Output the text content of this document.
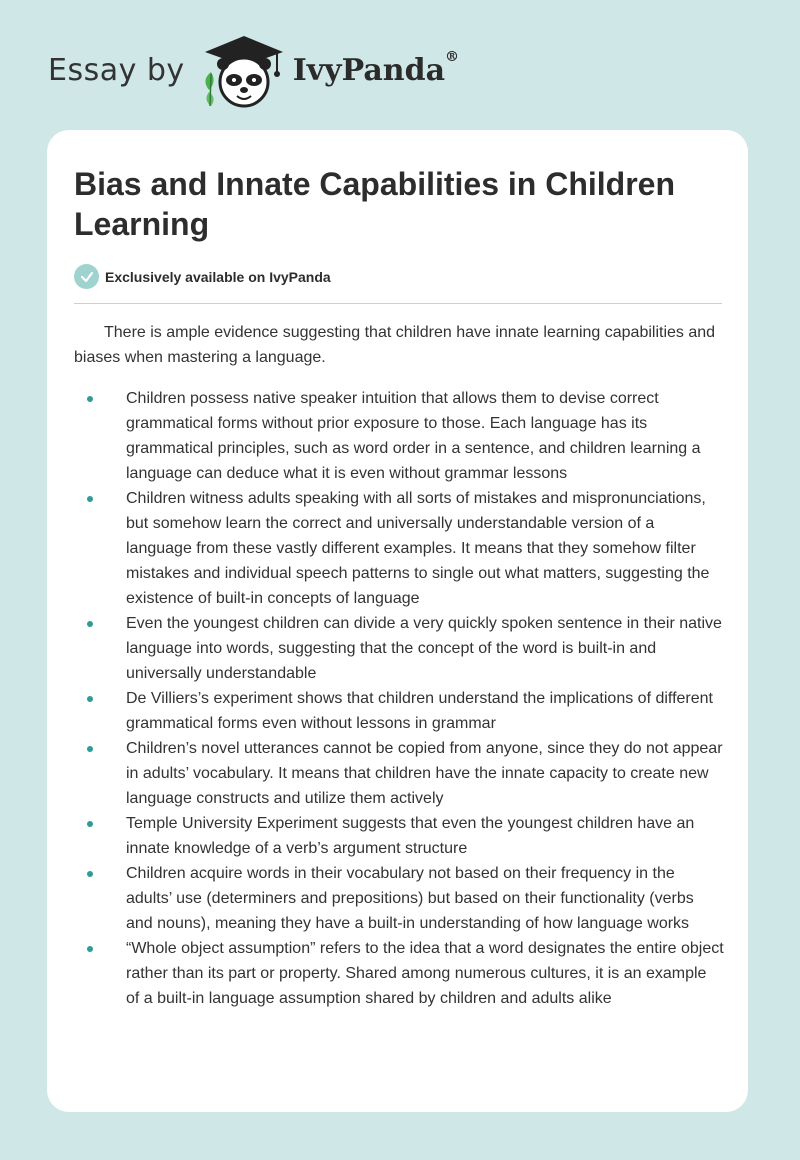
Essay by	IvyPanda®
Bias and Innate Capabilities in Children Learning
Exclusively available on IvyPanda

There is ample evidence suggesting that children have innate learning capabilities and biases when mastering a language.

Children possess native speaker intuition that allows them to devise correct grammatical forms without prior exposure to those. Each language has its grammatical principles, such as word order in a sentence, and children learning a language can deduce what it is even without grammar lessons
Children witness adults speaking with all sorts of mistakes and mispronunciations, but somehow learn the correct and universally understandable version of a language from these vastly different examples. It means that they somehow filter mistakes and individual speech patterns to single out what matters, suggesting the existence of built-in concepts of language
Even the youngest children can divide a very quickly spoken sentence in their native language into words, suggesting that the concept of the word is built-in and universally understandable
De Villiers’s experiment shows that children understand the implications of different grammatical forms even without lessons in grammar
Children’s novel utterances cannot be copied from anyone, since they do not appear in adults’ vocabulary. It means that children have the innate capacity to create new language constructs and utilize them actively
Temple University Experiment suggests that even the youngest children have an innate knowledge of a verb’s argument structure
Children acquire words in their vocabulary not based on their frequency in the adults’ use (determiners and prepositions) but based on their functionality (verbs and nouns), meaning they have a built-in understanding of how language works
“Whole object assumption” refers to the idea that a word designates the entire object rather than its part or property. Shared among numerous cultures, it is an example of a built-in language assumption shared by children and adults alike
